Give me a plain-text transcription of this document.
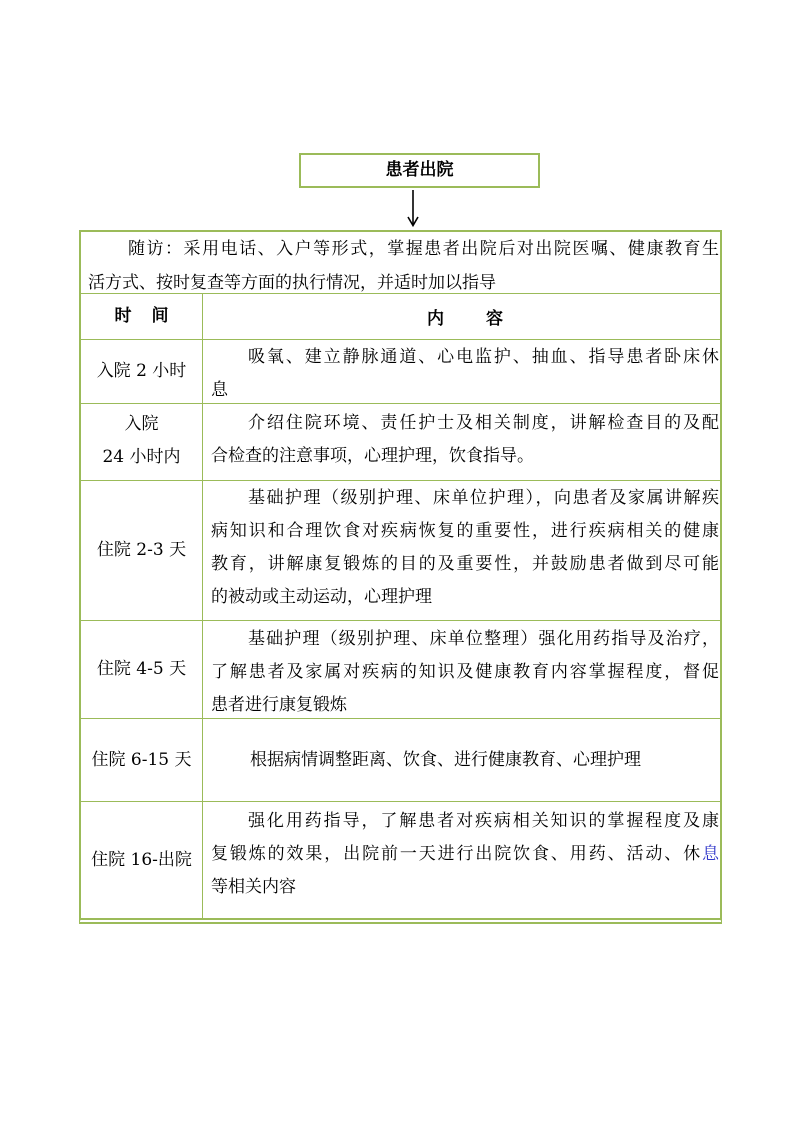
患者出院
随访：采用电话、入户等形式，掌握患者出院后对出院医嘱、健康教育生
活方式、按时复查等方面的执行情况，并适时加以指导
时 间	内 容
入院 2 小时
吸氧、建立静脉通道、心电监护、抽血、指导患者卧床休
息
入院
24 小时内
介绍住院环境、责任护士及相关制度，讲解检查目的及配
合检查的注意事项，心理护理，饮食指导。
住院 2-3 天
基础护理（级别护理、床单位护理），向患者及家属讲解疾
病知识和合理饮食对疾病恢复的重要性，进行疾病相关的健康
教育，讲解康复锻炼的目的及重要性，并鼓励患者做到尽可能
的被动或主动运动，心理护理
住院 4-5 天
基础护理（级别护理、床单位整理）强化用药指导及治疗，
了解患者及家属对疾病的知识及健康教育内容掌握程度，督促
患者进行康复锻炼
住院 6-15 天	根据病情调整距离、饮食、进行健康教育、心理护理
住院 16-出院
强化用药指导，了解患者对疾病相关知识的掌握程度及康
复锻炼的效果，出院前一天进行出院饮食、用药、活动、休息
等相关内容
